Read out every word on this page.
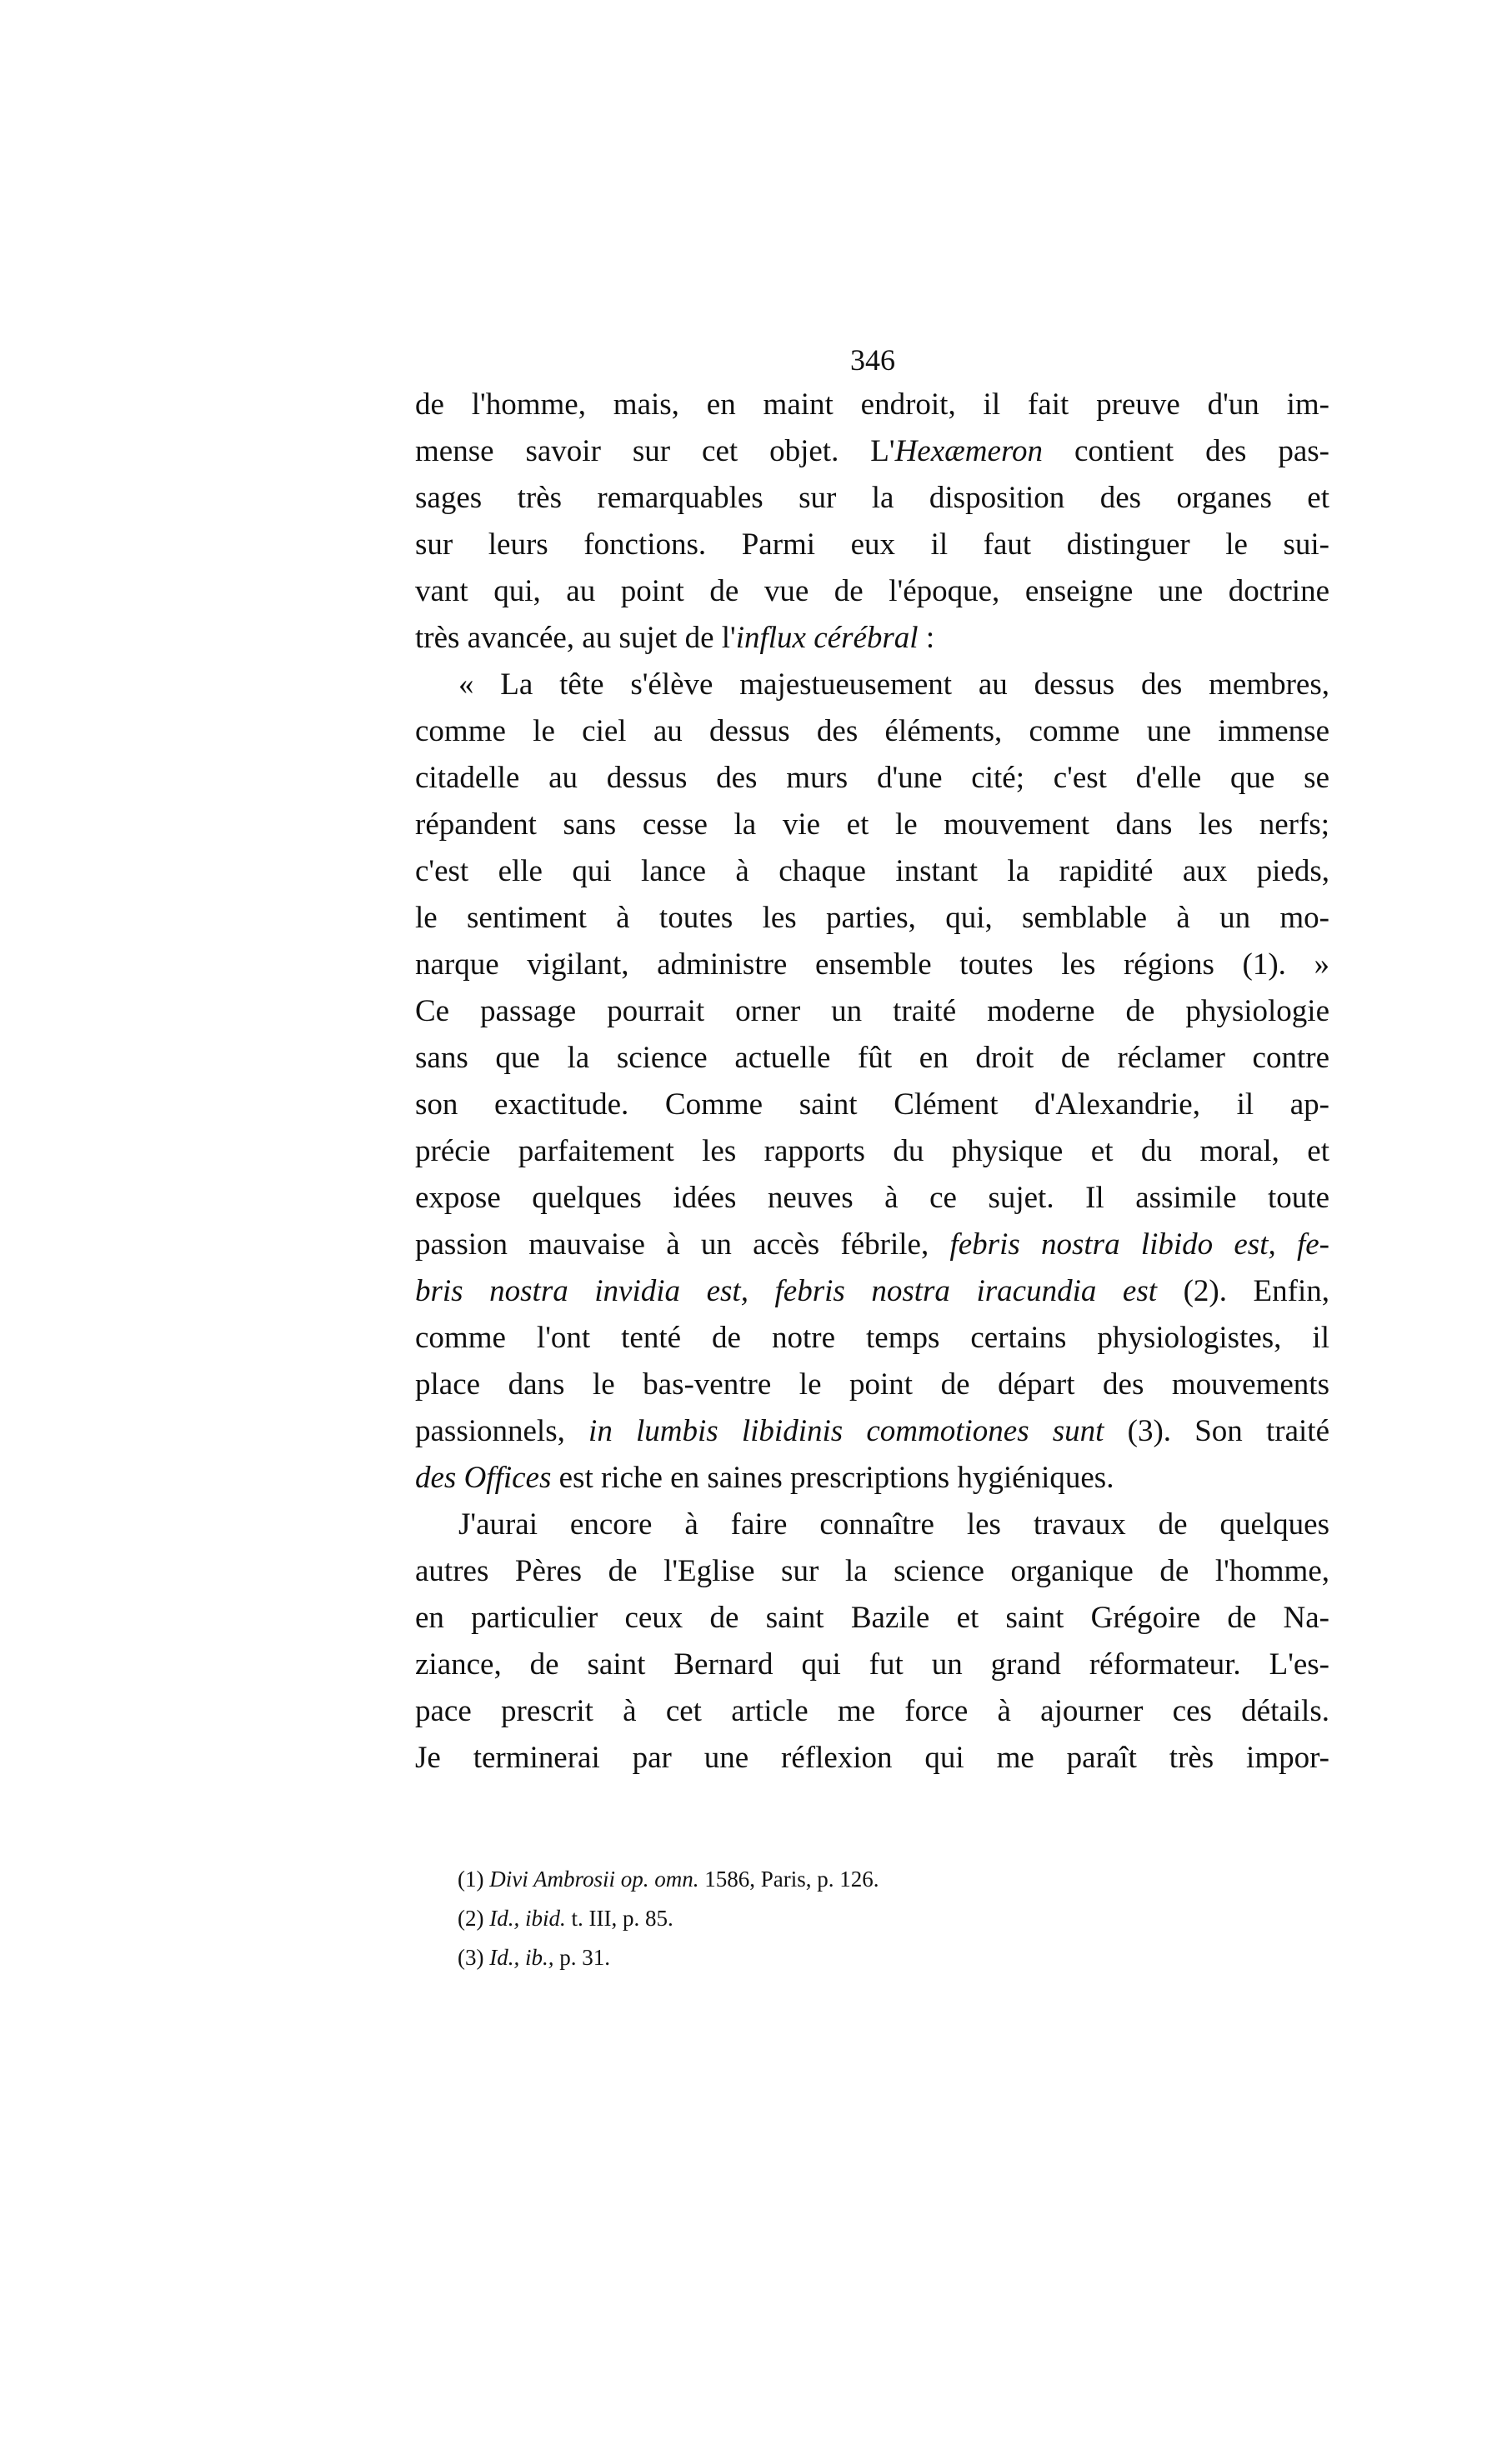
346
de l'homme, mais, en maint endroit, il fait preuve d'un im-
mense savoir sur cet objet. L'Hexæmeron contient des pas-
sages très remarquables sur la disposition des organes et
sur leurs fonctions. Parmi eux il faut distinguer le sui-
vant qui, au point de vue de l'époque, enseigne une doctrine
très avancée, au sujet de l'influx cérébral :
« La tête s'élève majestueusement au dessus des membres,
comme le ciel au dessus des éléments, comme une immense
citadelle au dessus des murs d'une cité; c'est d'elle que se
répandent sans cesse la vie et le mouvement dans les nerfs;
c'est elle qui lance à chaque instant la rapidité aux pieds,
le sentiment à toutes les parties, qui, semblable à un mo-
narque vigilant, administre ensemble toutes les régions (1). »
Ce passage pourrait orner un traité moderne de physiologie
sans que la science actuelle fût en droit de réclamer contre
son exactitude. Comme saint Clément d'Alexandrie, il ap-
précie parfaitement les rapports du physique et du moral, et
expose quelques idées neuves à ce sujet. Il assimile toute
passion mauvaise à un accès fébrile, febris nostra libido est, fe-
bris nostra invidia est, febris nostra iracundia est (2). Enfin,
comme l'ont tenté de notre temps certains physiologistes, il
place dans le bas-ventre le point de départ des mouvements
passionnels, in lumbis libidinis commotiones sunt (3). Son traité
des Offices est riche en saines prescriptions hygiéniques.
J'aurai encore à faire connaître les travaux de quelques
autres Pères de l'Eglise sur la science organique de l'homme,
en particulier ceux de saint Bazile et saint Grégoire de Na-
ziance, de saint Bernard qui fut un grand réformateur. L'es-
pace prescrit à cet article me force à ajourner ces détails.
Je terminerai par une réflexion qui me paraît très impor-
(1) Divi Ambrosii op. omn. 1586, Paris, p. 126.
(2) Id., ibid. t. III, p. 85.
(3) Id., ib., p. 31.
